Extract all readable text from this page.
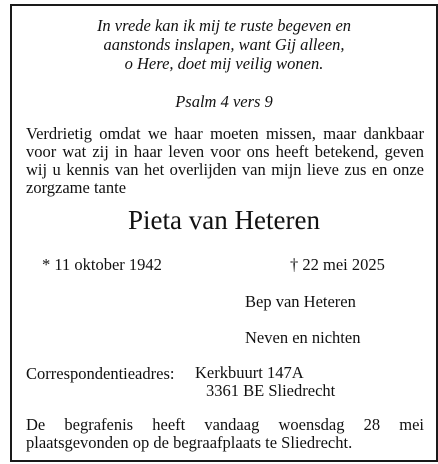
In vrede kan ik mij te ruste begeven en
aanstonds inslapen, want Gij alleen,
o Here, doet mij veilig wonen.
Psalm 4 vers 9
Verdrietig omdat we haar moeten missen, maar dankbaar voor wat zij in haar leven voor ons heeft betekend, geven wij u kennis van het overlijden van mijn lieve zus en onze zorgzame tante
Pieta van Heteren
* 11 oktober 1942	† 22 mei 2025
Bep van Heteren
Neven en nichten
Correspondentieadres: Kerkbuurt 147A
3361 BE Sliedrecht
De begrafenis heeft vandaag woensdag 28 mei plaatsgevonden op de begraafplaats te Sliedrecht.
